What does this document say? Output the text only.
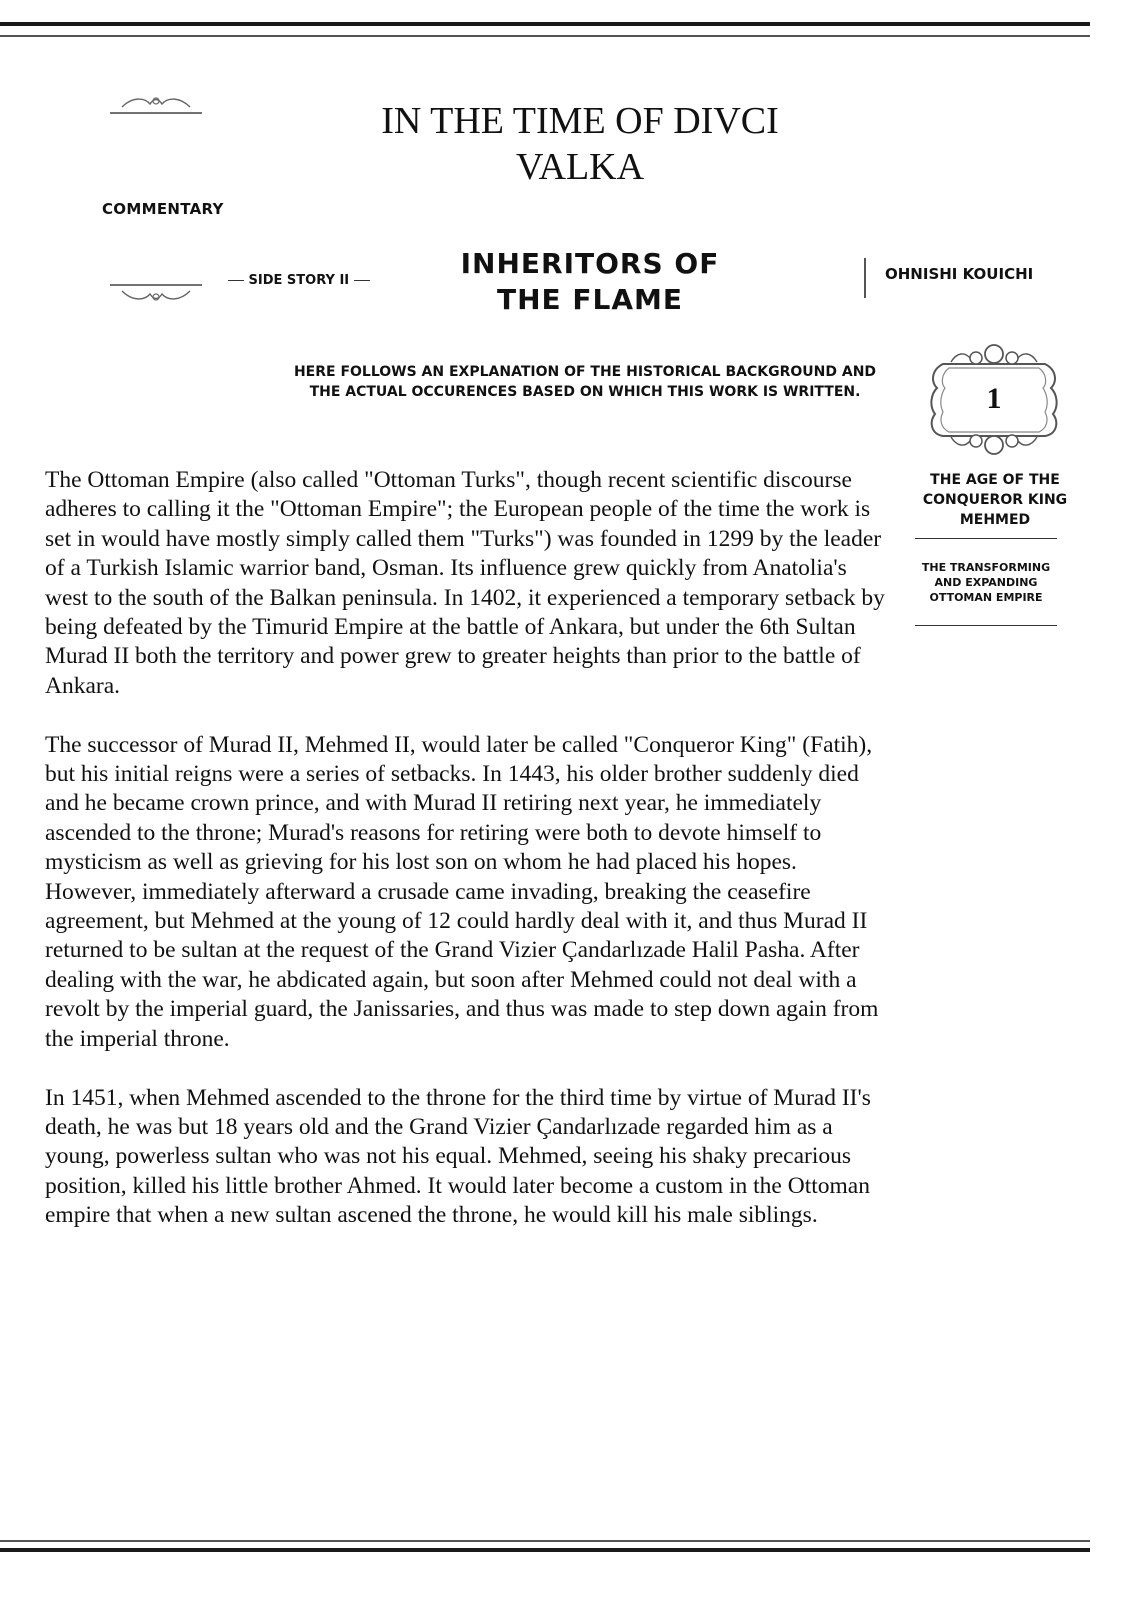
IN THE TIME OF DIVCI VALKA
COMMENTARY
SIDE STORY II
INHERITORS OF THE FLAME
OHNISHI KOUICHI
HERE FOLLOWS AN EXPLANATION OF THE HISTORICAL BACKGROUND AND THE ACTUAL OCCURENCES BASED ON WHICH THIS WORK IS WRITTEN.	1
THE AGE OF THE CONQUEROR KING MEHMED
THE TRANSFORMING AND EXPANDING OTTOMAN EMPIRE

The Ottoman Empire (also called "Ottoman Turks", though recent scientific discourse adheres to calling it the "Ottoman Empire"; the European people of the time the work is set in would have mostly simply called them "Turks") was founded in 1299 by the leader of a Turkish Islamic warrior band, Osman. Its influence grew quickly from Anatolia's west to the south of the Balkan peninsula. In 1402, it experienced a temporary setback by being defeated by the Timurid Empire at the battle of Ankara, but under the 6th Sultan Murad II both the territory and power grew to greater heights than prior to the battle of Ankara.

The successor of Murad II, Mehmed II, would later be called "Conqueror King" (Fatih), but his initial reigns were a series of setbacks. In 1443, his older brother suddenly died and he became crown prince, and with Murad II retiring next year, he immediately ascended to the throne; Murad's reasons for retiring were both to devote himself to mysticism as well as grieving for his lost son on whom he had placed his hopes. However, immediately afterward a crusade came invading, breaking the ceasefire agreement, but Mehmed at the young of 12 could hardly deal with it, and thus Murad II returned to be sultan at the request of the Grand Vizier Çandarlızade Halil Pasha. After dealing with the war, he abdicated again, but soon after Mehmed could not deal with a revolt by the imperial guard, the Janissaries, and thus was made to step down again from the imperial throne.

In 1451, when Mehmed ascended to the throne for the third time by virtue of Murad II's death, he was but 18 years old and the Grand Vizier Çandarlızade regarded him as a young, powerless sultan who was not his equal. Mehmed, seeing his shaky precarious position, killed his little brother Ahmed. It would later become a custom in the Ottoman empire that when a new sultan ascened the throne, he would kill his male siblings.
